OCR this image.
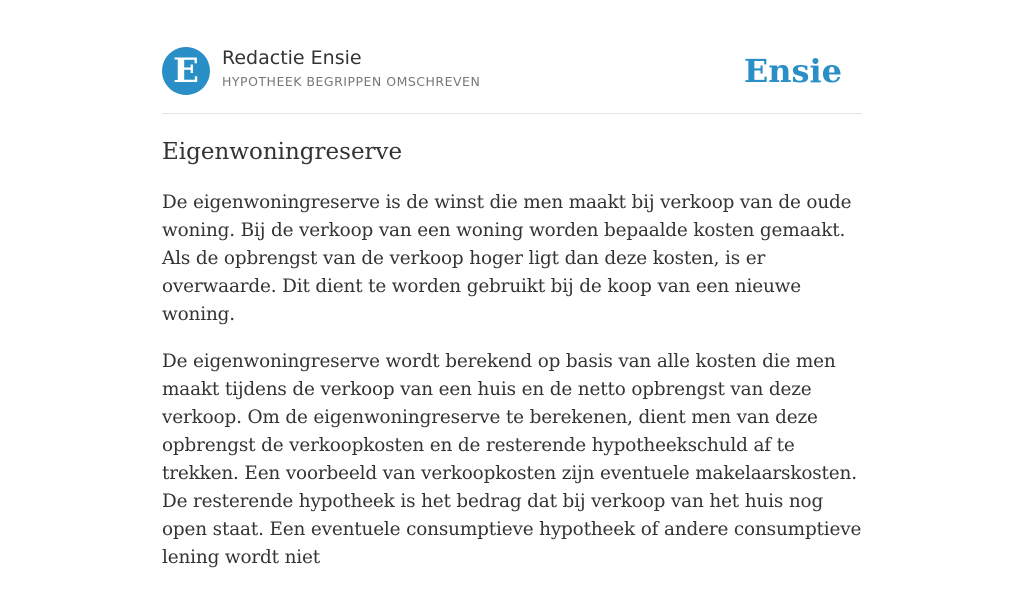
E	Redactie Ensie
HYPOTHEEK BEGRIPPEN OMSCHREVEN	Ensie
Eigenwoningreserve

De eigenwoningreserve is de winst die men maakt bij verkoop van de oude woning. Bij de verkoop van een woning worden bepaalde kosten gemaakt. Als de opbrengst van de verkoop hoger ligt dan deze kosten, is er overwaarde. Dit dient te worden gebruikt bij de koop van een nieuwe woning.

De eigenwoningreserve wordt berekend op basis van alle kosten die men maakt tijdens de verkoop van een huis en de netto opbrengst van deze verkoop. Om de eigenwoningreserve te berekenen, dient men van deze opbrengst de verkoopkosten en de resterende hypotheekschuld af te trekken. Een voorbeeld van verkoopkosten zijn eventuele makelaarskosten. De resterende hypotheek is het bedrag dat bij verkoop van het huis nog open staat. Een eventuele consumptieve hypotheek of andere consumptieve lening wordt niet
